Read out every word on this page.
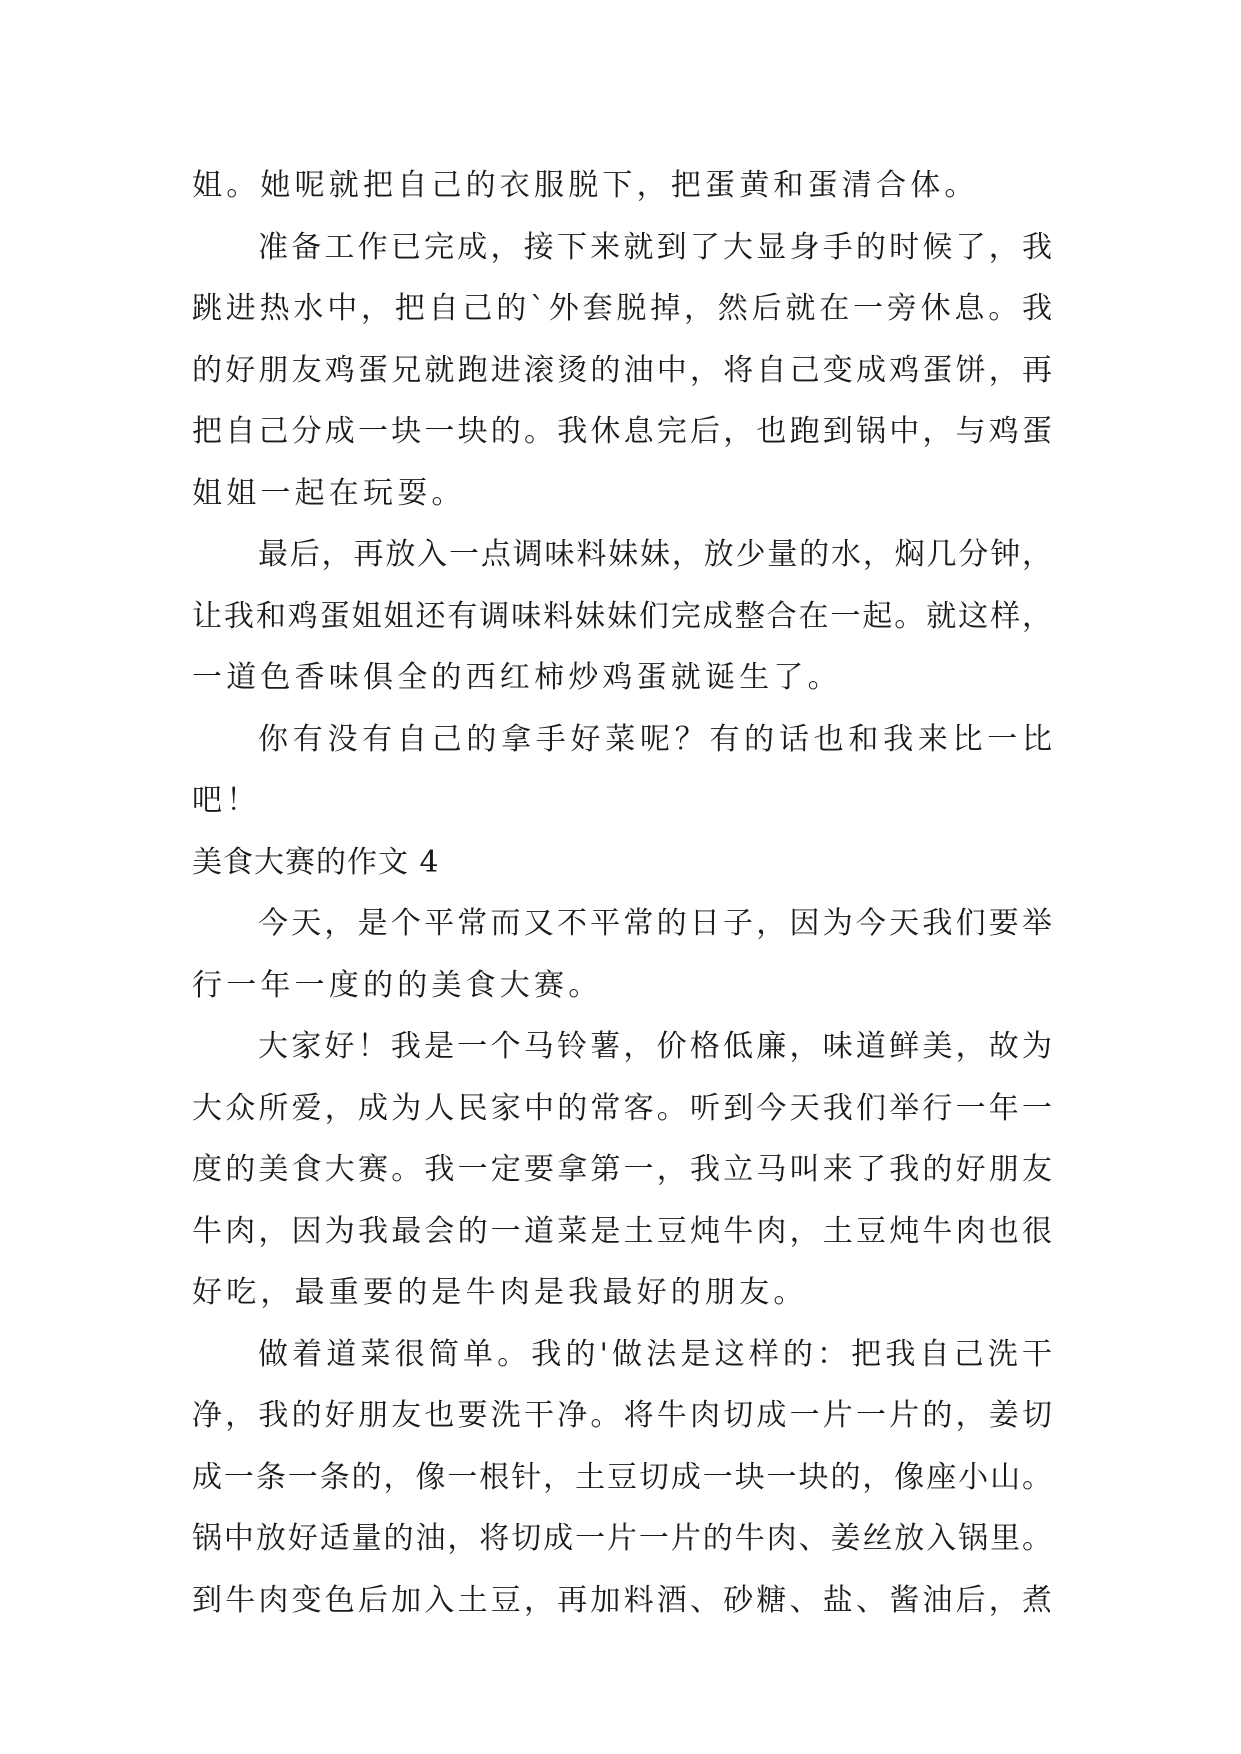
姐。她呢就把自己的衣服脱下，把蛋黄和蛋清合体。
准备工作已完成，接下来就到了大显身手的时候了，我
跳进热水中，把自己的`外套脱掉，然后就在一旁休息。我
的好朋友鸡蛋兄就跑进滚烫的油中，将自己变成鸡蛋饼，再
把自己分成一块一块的。我休息完后，也跑到锅中，与鸡蛋
姐姐一起在玩耍。
最后，再放入一点调味料妹妹，放少量的水，焖几分钟，
让我和鸡蛋姐姐还有调味料妹妹们完成整合在一起。就这样，
一道色香味俱全的西红柿炒鸡蛋就诞生了。
你有没有自己的拿手好菜呢？有的话也和我来比一比
吧！
美食大赛的作文 4
今天，是个平常而又不平常的日子，因为今天我们要举
行一年一度的的美食大赛。
大家好！我是一个马铃薯，价格低廉，味道鲜美，故为
大众所爱，成为人民家中的常客。听到今天我们举行一年一
度的美食大赛。我一定要拿第一，我立马叫来了我的好朋友
牛肉，因为我最会的一道菜是土豆炖牛肉，土豆炖牛肉也很
好吃，最重要的是牛肉是我最好的朋友。
做着道菜很简单。我的'做法是这样的：把我自己洗干
净，我的好朋友也要洗干净。将牛肉切成一片一片的，姜切
成一条一条的，像一根针，土豆切成一块一块的，像座小山。
锅中放好适量的油，将切成一片一片的牛肉、姜丝放入锅里。
到牛肉变色后加入土豆，再加料酒、砂糖、盐、酱油后，煮
